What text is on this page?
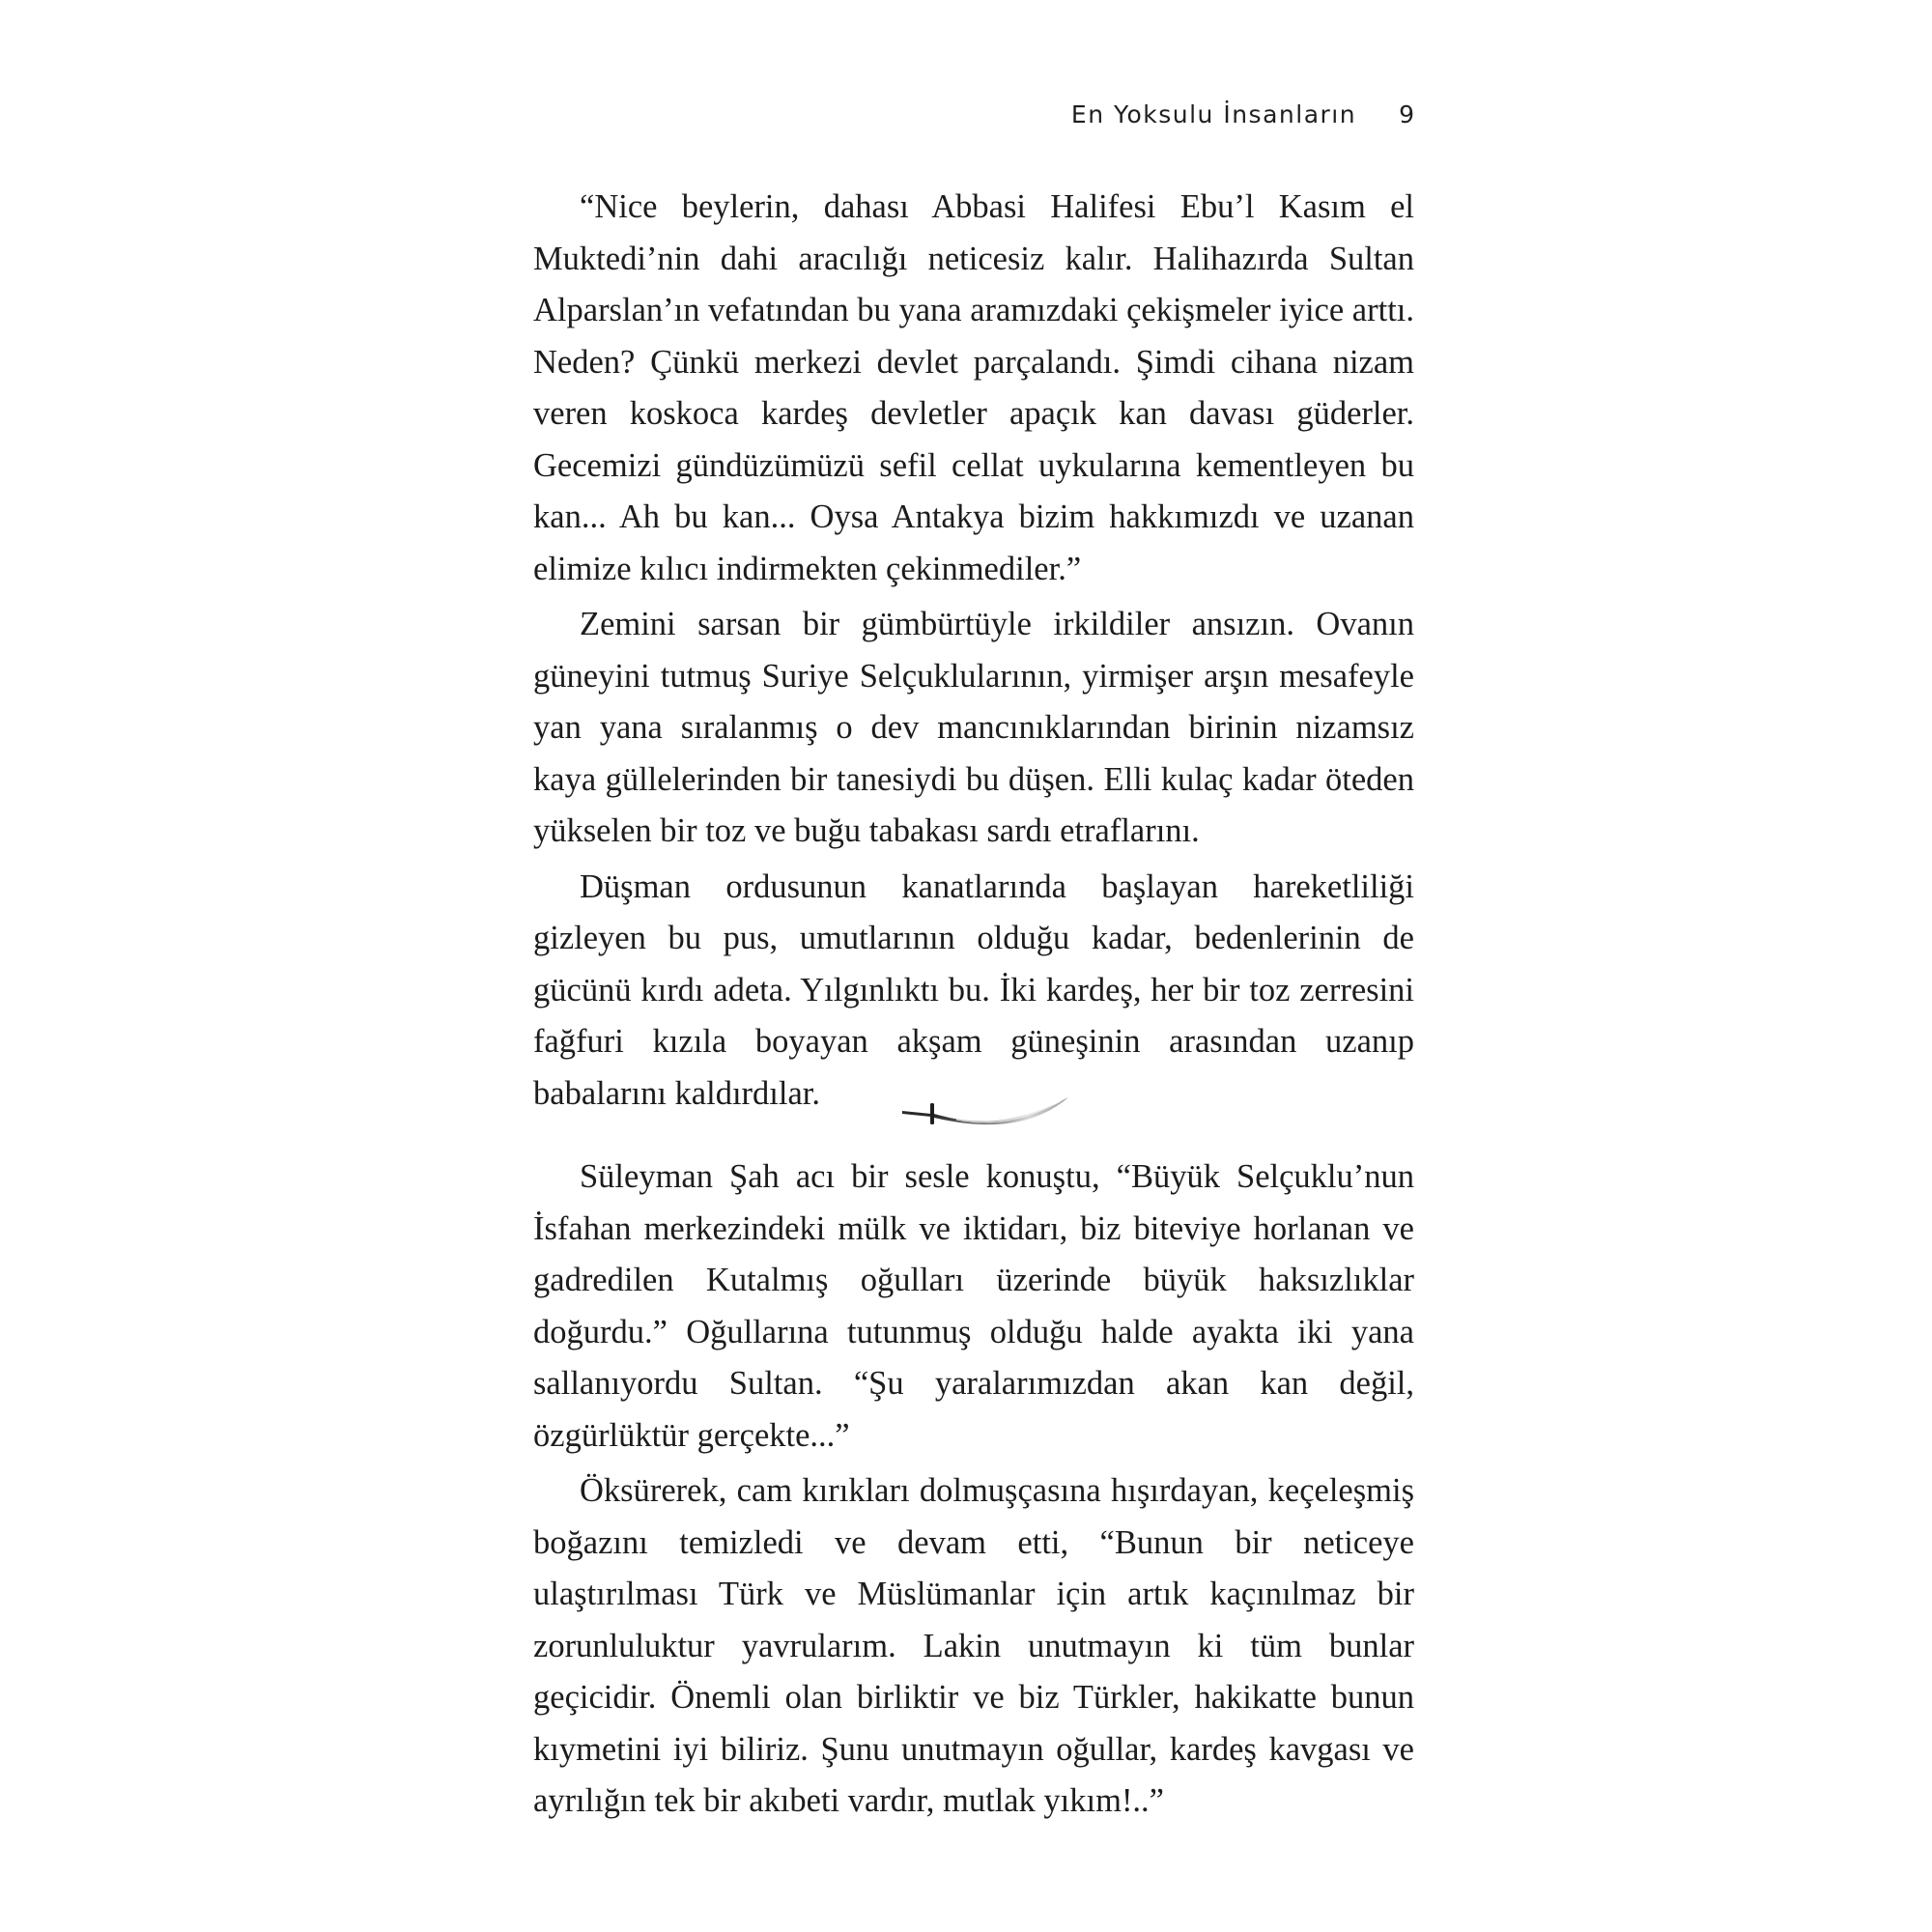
En Yoksulu İnsanların 9

“Nice beylerin, dahası Abbasi Halifesi Ebu’l Kasım el Muktedi’nin dahi aracılığı neticesiz kalır. Halihazırda Sultan Alparslan’ın vefatından bu yana aramızdaki çekişmeler iyice arttı. Neden? Çünkü merkezi devlet parçalandı. Şimdi cihana nizam veren koskoca kardeş devletler apaçık kan davası güderler. Gecemizi gündüzümüzü sefil cellat uykularına kementleyen bu kan... Ah bu kan... Oysa Antakya bizim hakkımızdı ve uzanan elimize kılıcı indirmekten çekinmediler.”

Zemini sarsan bir gümbürtüyle irkildiler ansızın. Ovanın güneyini tutmuş Suriye Selçuklularının, yirmişer arşın mesafeyle yan yana sıralanmış o dev mancınıklarından birinin nizamsız kaya güllelerinden bir tanesiydi bu düşen. Elli kulaç kadar öteden yükselen bir toz ve buğu tabakası sardı etraflarını.

Düşman ordusunun kanatlarında başlayan hareketliliği gizleyen bu pus, umutlarının olduğu kadar, bedenlerinin de gücünü kırdı adeta. Yılgınlıktı bu. İki kardeş, her bir toz zerresini fağfuri kızıla boyayan akşam güneşinin arasından uzanıp babalarını kaldırdılar.

Süleyman Şah acı bir sesle konuştu, “Büyük Selçuklu’nun İsfahan merkezindeki mülk ve iktidarı, biz biteviye horlanan ve gadredilen Kutalmış oğulları üzerinde büyük haksızlıklar doğurdu.” Oğullarına tutunmuş olduğu halde ayakta iki yana sallanıyordu Sultan. “Şu yaralarımızdan akan kan değil, özgürlüktür gerçekte...”

Öksürerek, cam kırıkları dolmuşçasına hışırdayan, keçeleşmiş boğazını temizledi ve devam etti, “Bunun bir neticeye ulaştırılması Türk ve Müslümanlar için artık kaçınılmaz bir zorunluluktur yavrularım. Lakin unutmayın ki tüm bunlar geçicidir. Önemli olan birliktir ve biz Türkler, hakikatte bunun kıymetini iyi biliriz. Şunu unutmayın oğullar, kardeş kavgası ve ayrılığın tek bir akıbeti vardır, mutlak yıkım!..”
